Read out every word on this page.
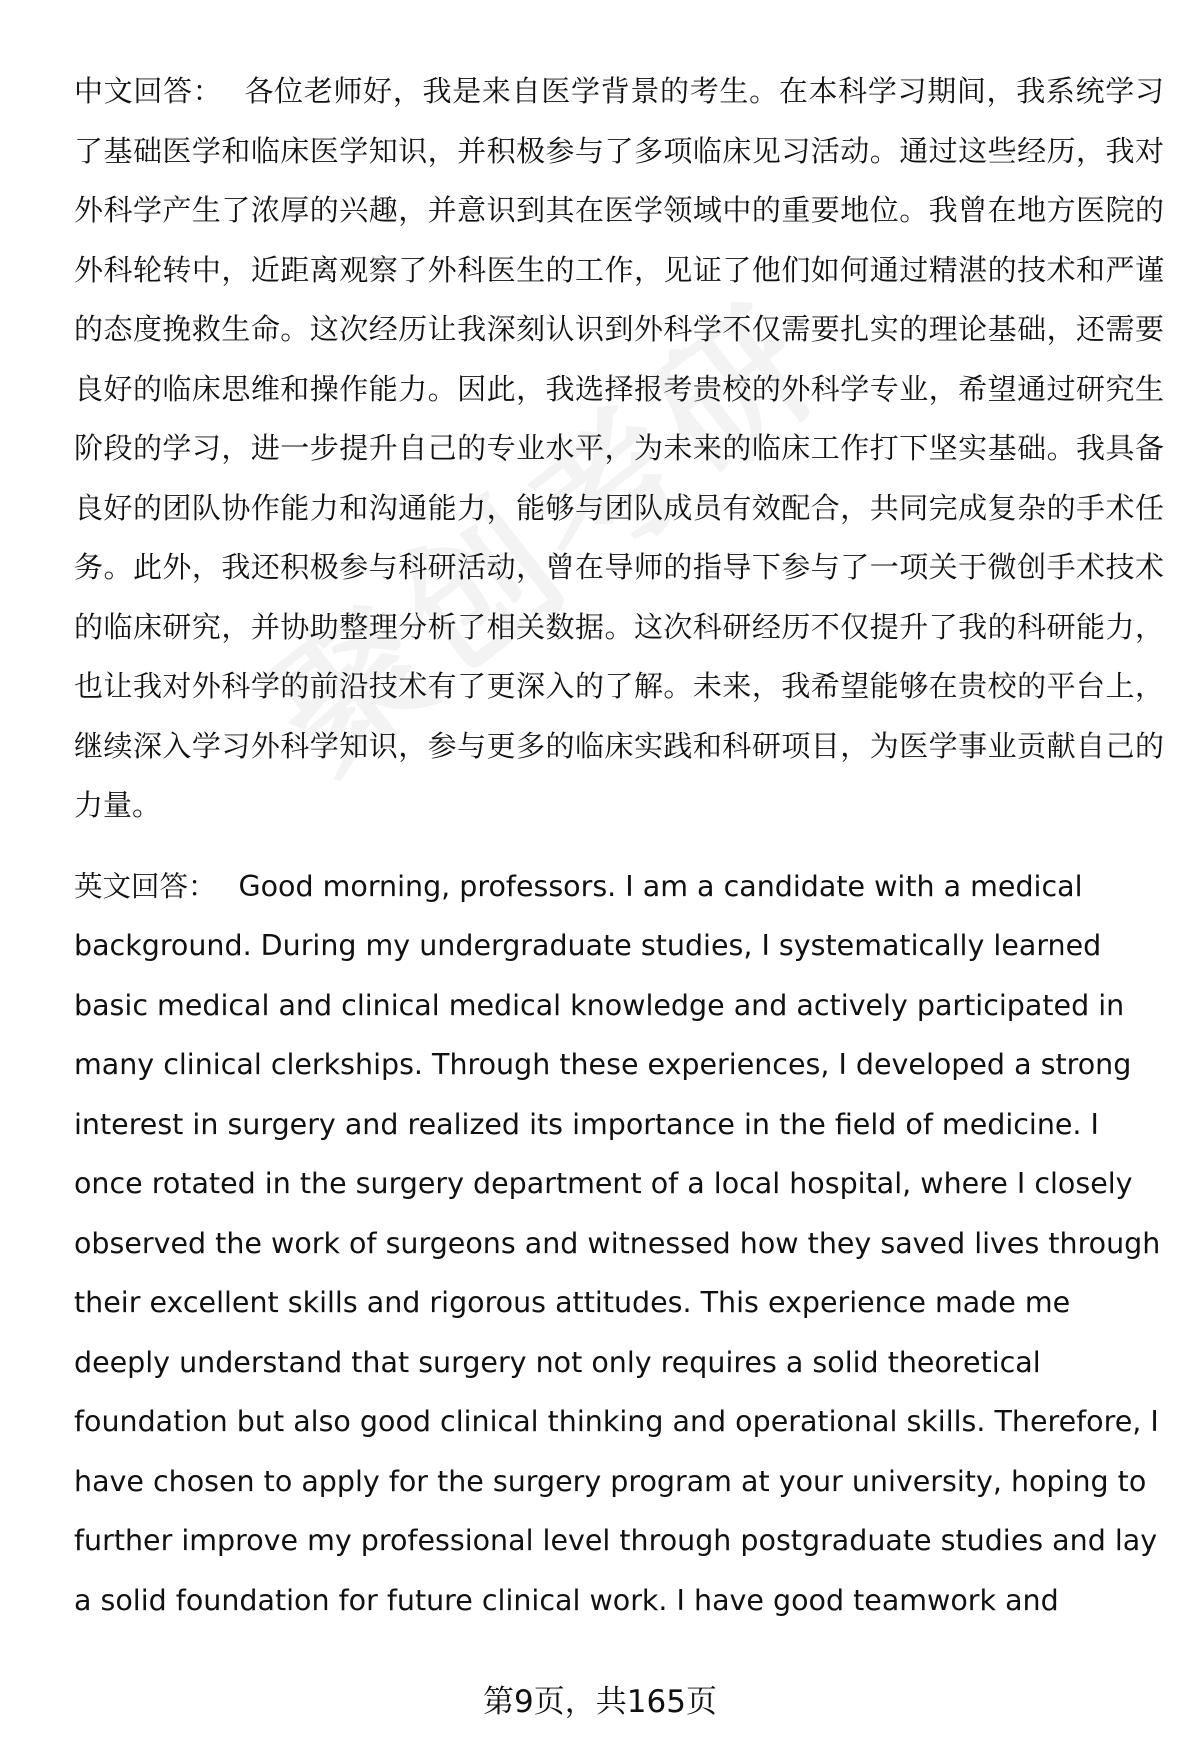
中文回答： 各位老师好，我是来自医学背景的考生。在本科学习期间，我系统学习了基础医学和临床医学知识，并积极参与了多项临床见习活动。通过这些经历，我对外科学产生了浓厚的兴趣，并意识到其在医学领域中的重要地位。我曾在地方医院的外科轮转中，近距离观察了外科医生的工作，见证了他们如何通过精湛的技术和严谨的态度挽救生命。这次经历让我深刻认识到外科学不仅需要扎实的理论基础，还需要良好的临床思维和操作能力。因此，我选择报考贵校的外科学专业，希望通过研究生阶段的学习，进一步提升自己的专业水平，为未来的临床工作打下坚实基础。我具备良好的团队协作能力和沟通能力，能够与团队成员有效配合，共同完成复杂的手术任务。此外，我还积极参与科研活动，曾在导师的指导下参与了一项关于微创手术技术的临床研究，并协助整理分析了相关数据。这次科研经历不仅提升了我的科研能力，也让我对外科学的前沿技术有了更深入的了解。未来，我希望能够在贵校的平台上，继续深入学习外科学知识，参与更多的临床实践和科研项目，为医学事业贡献自己的力量。

英文回答： Good morning, professors. I am a candidate with a medical background. During my undergraduate studies, I systematically learned basic medical and clinical medical knowledge and actively participated in many clinical clerkships. Through these experiences, I developed a strong interest in surgery and realized its importance in the field of medicine. I once rotated in the surgery department of a local hospital, where I closely observed the work of surgeons and witnessed how they saved lives through their excellent skills and rigorous attitudes. This experience made me deeply understand that surgery not only requires a solid theoretical foundation but also good clinical thinking and operational skills. Therefore, I have chosen to apply for the surgery program at your university, hoping to further improve my professional level through postgraduate studies and lay a solid foundation for future clinical work. I have good teamwork and

第9页，共165页
